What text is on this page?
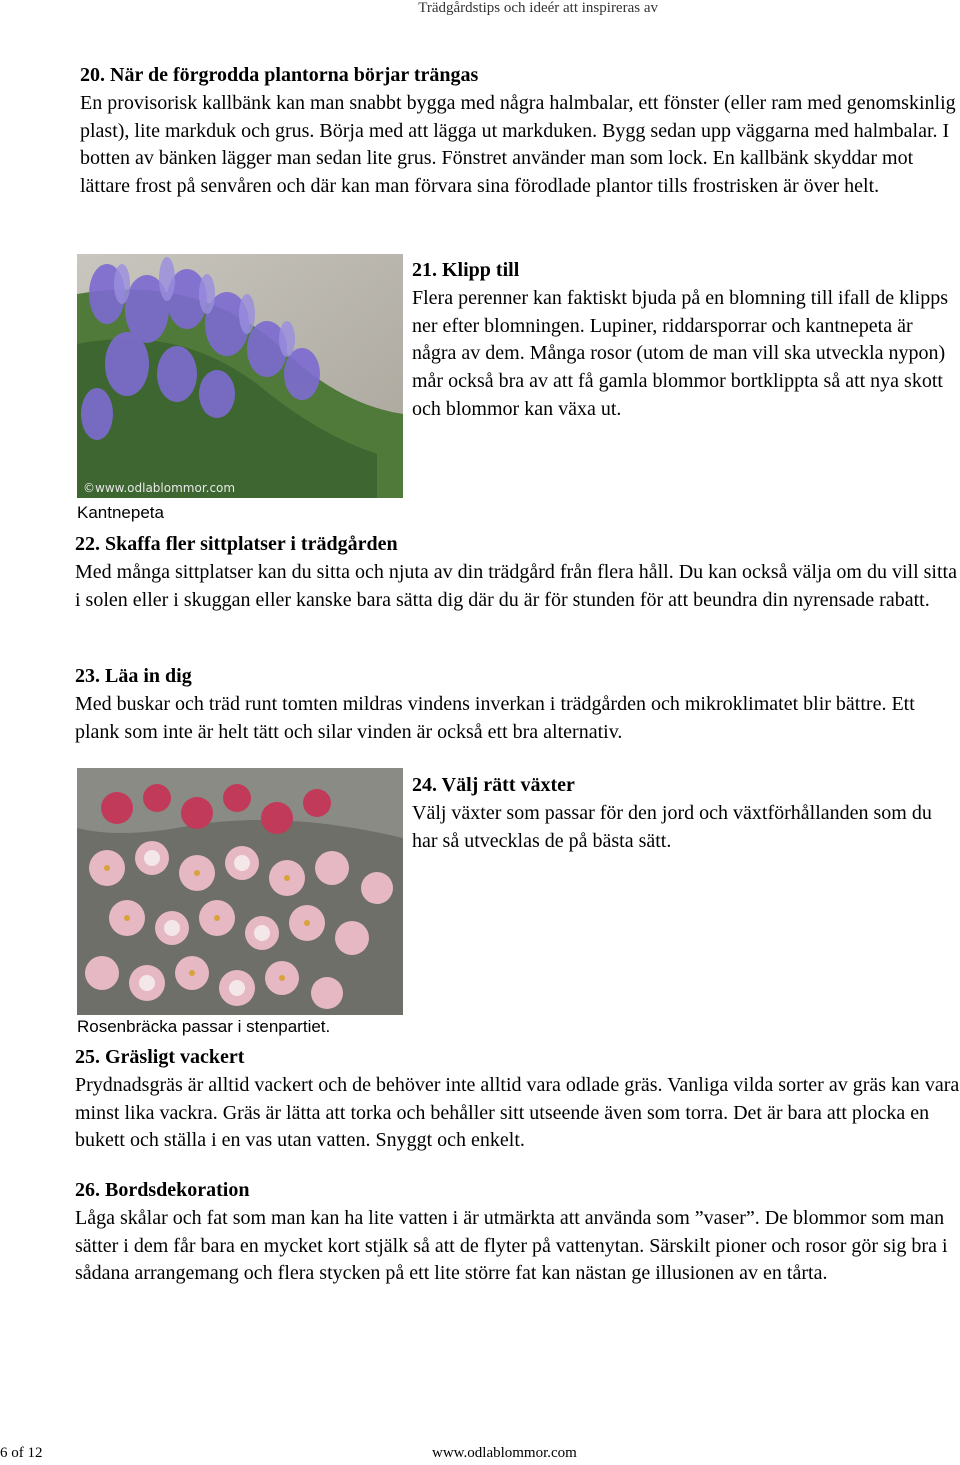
Trädgårdstips och ideér att inspireras av
20. När de förgrodda plantorna börjar trängas
En provisorisk kallbänk kan man snabbt bygga med några halmbalar, ett fönster (eller ram med genomskinlig plast), lite markduk och grus. Börja med att lägga ut markduken. Bygg sedan upp väggarna med halmbalar. I botten av bänken lägger man sedan lite grus. Fönstret använder man som lock. En kallbänk skyddar mot lättare frost på senvåren och där kan man förvara sina förodlade plantor tills frostrisken är över helt.
©www.odlablommor.com
Kantnepeta
21. Klipp till
Flera perenner kan faktiskt bjuda på en blomning till ifall de klipps ner efter blomningen. Lupiner, riddarsporrar och kantnepeta är några av dem. Många rosor (utom de man vill ska utveckla nypon) mår också bra av att få gamla blommor bortklippta så att nya skott och blommor kan växa ut.
22. Skaffa fler sittplatser i trädgården
Med många sittplatser kan du sitta och njuta av din trädgård från flera håll. Du kan också välja om du vill sitta i solen eller i skuggan eller kanske bara sätta dig där du är för stunden för att beundra din nyrensade rabatt.
23. Läa in dig
Med buskar och träd runt tomten mildras vindens inverkan i trädgården och mikroklimatet blir bättre. Ett plank som inte är helt tätt och silar vinden är också ett bra alternativ.
Rosenbräcka passar i stenpartiet.
24. Välj rätt växter
Välj växter som passar för den jord och växtförhållanden som du har så utvecklas de på bästa sätt.
25. Gräsligt vackert
Prydnadsgräs är alltid vackert och de behöver inte alltid vara odlade gräs. Vanliga vilda sorter av gräs kan vara minst lika vackra. Gräs är lätta att torka och behåller sitt utseende även som torra. Det är bara att plocka en bukett och ställa i en vas utan vatten. Snyggt och enkelt.
26. Bordsdekoration
Låga skålar och fat som man kan ha lite vatten i är utmärkta att använda som ”vaser”. De blommor som man sätter i dem får bara en mycket kort stjälk så att de flyter på vattenytan. Särskilt pioner och rosor gör sig bra i sådana arrangemang och flera stycken på ett lite större fat kan nästan ge illusionen av en tårta.
6 of 12	www.odlablommor.com
